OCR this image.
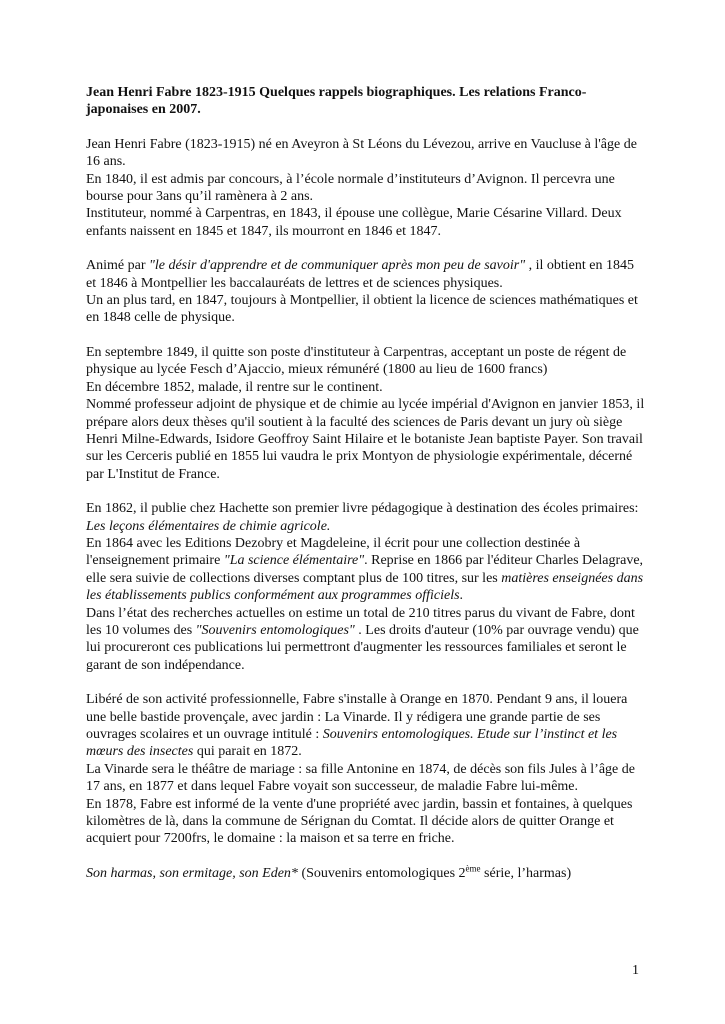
Jean Henri Fabre 1823-1915 Quelques rappels biographiques. Les relations Franco-japonaises en 2007.

Jean Henri Fabre (1823-1915) né en Aveyron à St Léons du Lévezou, arrive en Vaucluse à l'âge de 16 ans.
En 1840, il est admis par concours, à l’école normale d’instituteurs d’Avignon. Il percevra une bourse pour 3ans qu’il ramènera à 2 ans.
Instituteur, nommé à Carpentras, en 1843, il épouse une collègue, Marie Césarine Villard. Deux enfants naissent en 1845 et 1847, ils mourront en 1846 et 1847.

Animé par "le désir d'apprendre et de communiquer après mon peu de savoir" , il obtient en 1845 et 1846 à Montpellier les baccalauréats de lettres et de sciences physiques.
Un an plus tard, en 1847, toujours à Montpellier, il obtient la licence de sciences mathématiques et en 1848 celle de physique.

En septembre 1849, il quitte son poste d'instituteur à Carpentras, acceptant un poste de régent de physique au lycée Fesch d’Ajaccio, mieux rémunéré (1800 au lieu de 1600 francs)
En décembre 1852, malade, il rentre sur le continent.
Nommé professeur adjoint de physique et de chimie au lycée impérial d'Avignon en janvier 1853, il prépare alors deux thèses qu'il soutient à la faculté des sciences de Paris devant un jury où siège Henri Milne-Edwards, Isidore Geoffroy Saint Hilaire et le botaniste Jean baptiste Payer. Son travail sur les Cerceris publié en 1855 lui vaudra le prix Montyon de physiologie expérimentale, décerné par L'Institut de France.

En 1862, il publie chez Hachette son premier livre pédagogique à destination des écoles primaires: Les leçons élémentaires de chimie agricole.
En 1864 avec les Editions Dezobry et Magdeleine, il écrit pour une collection destinée à l'enseignement primaire "La science élémentaire". Reprise en 1866 par l'éditeur Charles Delagrave, elle sera suivie de collections diverses comptant plus de 100 titres, sur les matières enseignées dans les établissements publics conformément aux programmes officiels.
Dans l’état des recherches actuelles on estime un total de 210 titres parus du vivant de Fabre, dont les 10 volumes des "Souvenirs entomologiques" . Les droits d'auteur (10% par ouvrage vendu) que lui procureront ces publications lui permettront d'augmenter les ressources familiales et seront le garant de son indépendance.

Libéré de son activité professionnelle, Fabre s'installe à Orange en 1870. Pendant 9 ans, il louera une belle bastide provençale, avec jardin : La Vinarde. Il y rédigera une grande partie de ses ouvrages scolaires et un ouvrage intitulé : Souvenirs entomologiques. Etude sur l’instinct et les mœurs des insectes qui parait en 1872.
La Vinarde sera le théâtre de mariage : sa fille Antonine en 1874, de décès son fils Jules à l’âge de 17 ans, en 1877 et dans lequel Fabre voyait son successeur, de maladie Fabre lui-même.
En 1878, Fabre est informé de la vente d'une propriété avec jardin, bassin et fontaines, à quelques kilomètres de là, dans la commune de Sérignan du Comtat. Il décide alors de quitter Orange et acquiert pour 7200frs, le domaine : la maison et sa terre en friche.

Son harmas, son ermitage, son Eden* (Souvenirs entomologiques 2ème série, l’harmas)

1
